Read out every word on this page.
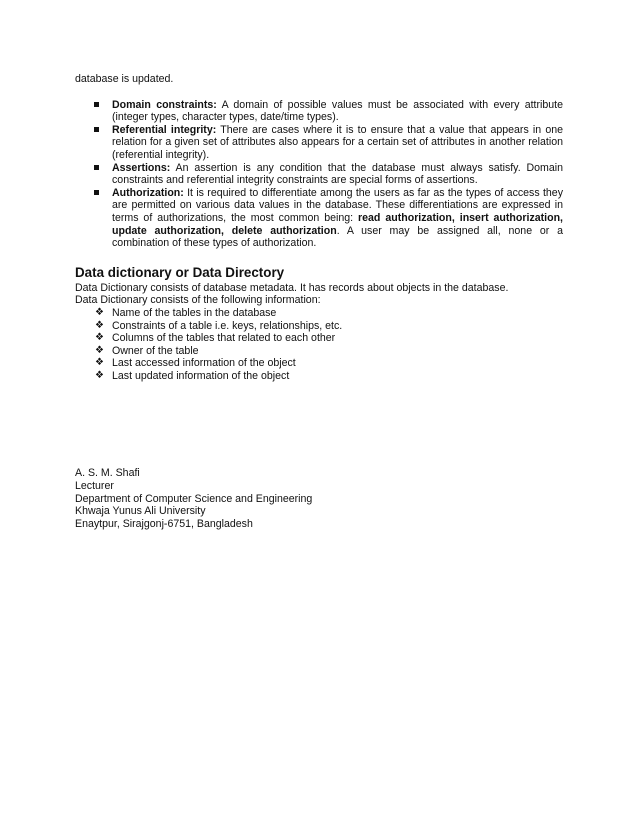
database is updated.

Domain constraints: A domain of possible values must be associated with every attribute (integer types, character types, date/time types).
Referential integrity: There are cases where it is to ensure that a value that appears in one relation for a given set of attributes also appears for a certain set of attributes in another relation (referential integrity).
Assertions: An assertion is any condition that the database must always satisfy. Domain constraints and referential integrity constraints are special forms of assertions.
Authorization: It is required to differentiate among the users as far as the types of access they are permitted on various data values in the database. These differentiations are expressed in terms of authorizations, the most common being: read authorization, insert authorization, update authorization, delete authorization. A user may be assigned all, none or a combination of these types of authorization.
Data dictionary or Data Directory

Data Dictionary consists of database metadata. It has records about objects in the database.

Data Dictionary consists of the following information:

❖ Name of the tables in the database
❖ Constraints of a table i.e. keys, relationships, etc.
❖ Columns of the tables that related to each other
❖ Owner of the table
❖ Last accessed information of the object
❖ Last updated information of the object

A. S. M. Shafi

Lecturer

Department of Computer Science and Engineering

Khwaja Yunus Ali University

Enaytpur, Sirajgonj-6751, Bangladesh
